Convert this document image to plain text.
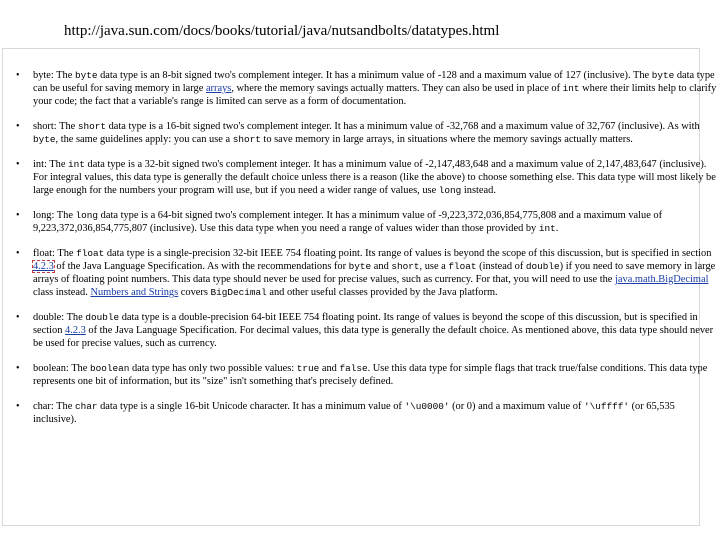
http://java.sun.com/docs/books/tutorial/java/nutsandbolts/datatypes.html
• byte: The byte data type is an 8-bit signed two's complement integer. It has a minimum value of -128 and a maximum value of 127 (inclusive). The byte data type can be useful for saving memory in large arrays, where the memory savings actually matters. They can also be used in place of int where their limits help to clarify your code; the fact that a variable's range is limited can serve as a form of documentation.
• short: The short data type is a 16-bit signed two's complement integer. It has a minimum value of -32,768 and a maximum value of 32,767 (inclusive). As with byte, the same guidelines apply: you can use a short to save memory in large arrays, in situations where the memory savings actually matters.
• int: The int data type is a 32-bit signed two's complement integer. It has a minimum value of -2,147,483,648 and a maximum value of 2,147,483,647 (inclusive). For integral values, this data type is generally the default choice unless there is a reason (like the above) to choose something else. This data type will most likely be large enough for the numbers your program will use, but if you need a wider range of values, use long instead.
• long: The long data type is a 64-bit signed two's complement integer. It has a minimum value of -9,223,372,036,854,775,808 and a maximum value of 9,223,372,036,854,775,807 (inclusive). Use this data type when you need a range of values wider than those provided by int.
• float: The float data type is a single-precision 32-bit IEEE 754 floating point. Its range of values is beyond the scope of this discussion, but is specified in section 4.2.3 of the Java Language Specification. As with the recommendations for byte and short, use a float (instead of double) if you need to save memory in large arrays of floating point numbers. This data type should never be used for precise values, such as currency. For that, you will need to use the java.math.BigDecimal class instead. Numbers and Strings covers BigDecimal and other useful classes provided by the Java platform.
• double: The double data type is a double-precision 64-bit IEEE 754 floating point. Its range of values is beyond the scope of this discussion, but is specified in section 4.2.3 of the Java Language Specification. For decimal values, this data type is generally the default choice. As mentioned above, this data type should never be used for precise values, such as currency.
• boolean: The boolean data type has only two possible values: true and false. Use this data type for simple flags that track true/false conditions. This data type represents one bit of information, but its "size" isn't something that's precisely defined.
• char: The char data type is a single 16-bit Unicode character. It has a minimum value of '\u0000' (or 0) and a maximum value of '\uffff' (or 65,535 inclusive).
